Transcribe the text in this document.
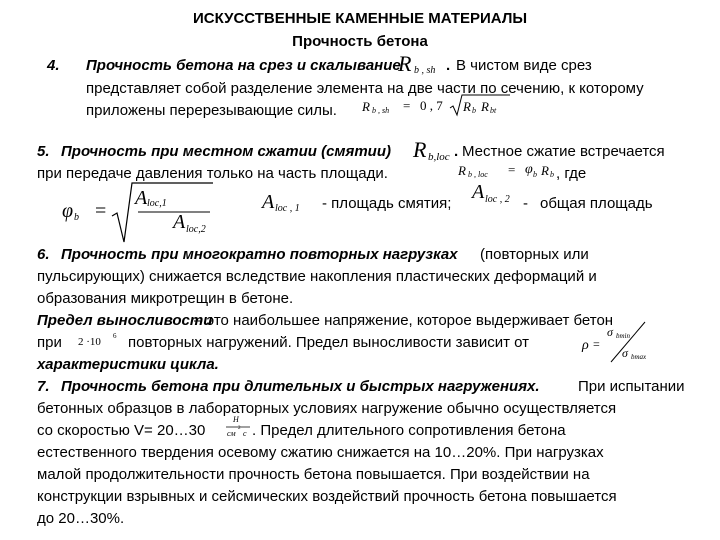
ИСКУССТВЕННЫЕ КАМЕННЫЕ МАТЕРИАЛЫ
Прочность бетона
4. Прочность бетона на срез и скалывание
R b , sh . В чистом виде срез
представляет собой разделение элемента на две части по сечению, к которому
приложены перерезывающие силы. R b , sh = 0 , 7 R b R bt
5. Прочность при местном сжатии (смятии) R b,loc . Местное сжатие встречается
при передаче давления только на часть площади.	R b , loc = φ b R b , где
φ b =
A loc,1
A loc,2
A loc , 1 - площадь смятия;
A loc , 2 - общая площадь
6. Прочность при многократно повторных нагрузках (повторных или
пульсирующих) снижается вследствие накопления пластических деформаций и
образования микротрещин в бетоне.
Предел выносливости
– это наибольшее напряжение, которое выдерживает бетон
при 2 ·10 6 повторных нагружений. Предел выносливости зависит от	ρ =
σ bmin
σ bmax
характеристики цикла.
7. Прочность бетона при длительных и быстрых нагружениях.	При испытании
бетонных образцов в лабораторных условиях нагружение обычно осуществляется
со скоростью V= 20…30
Н
см
2
с . Предел длительного сопротивления бетона
естественного твердения осевому сжатию снижается на 10…20%. При нагрузках
малой продолжительности прочность бетона повышается. При воздействии на
конструкции взрывных и сейсмических воздействий прочность бетона повышается
до 20…30%.
